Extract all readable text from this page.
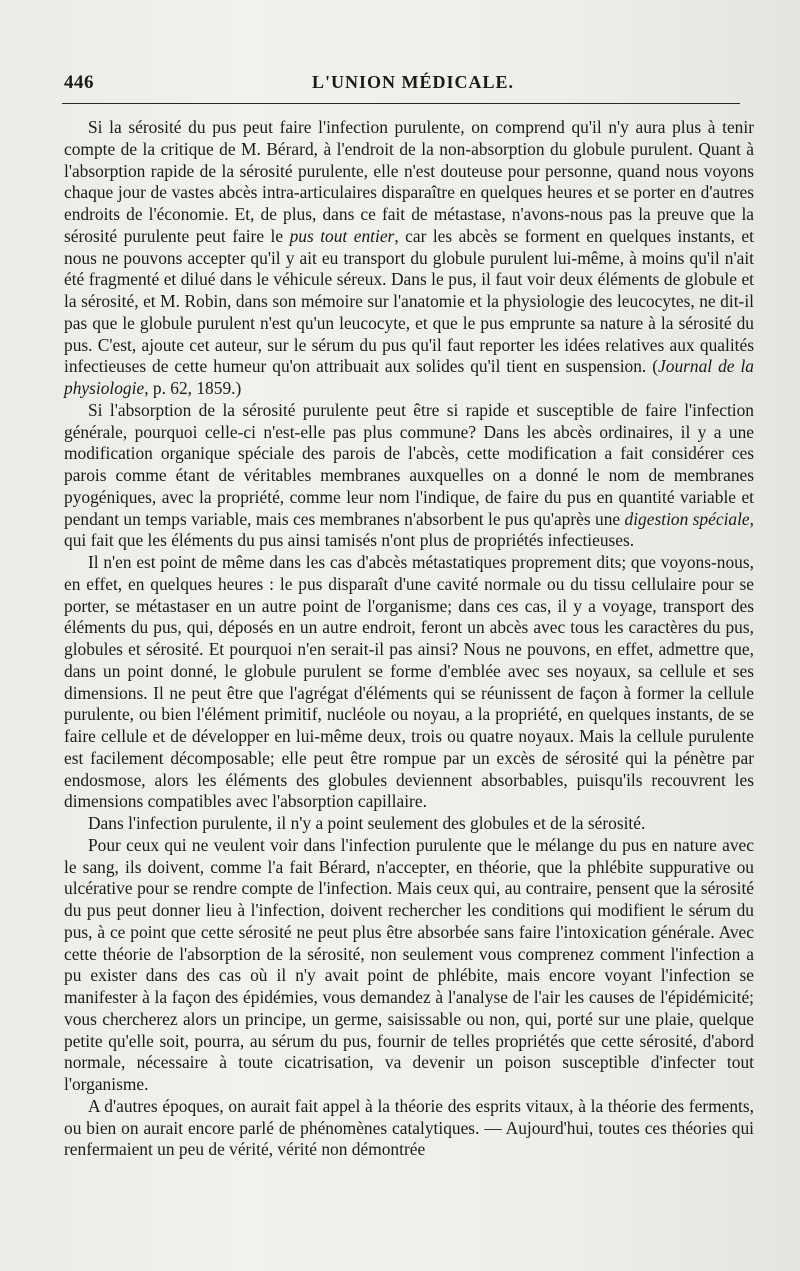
446	L'UNION MÉDICALE.

Si la sérosité du pus peut faire l'infection purulente, on comprend qu'il n'y aura plus à tenir compte de la critique de M. Bérard, à l'endroit de la non-absorption du globule purulent. Quant à l'absorption rapide de la sérosité purulente, elle n'est douteuse pour personne, quand nous voyons chaque jour de vastes abcès intra-articulaires disparaître en quelques heures et se porter en d'autres endroits de l'économie. Et, de plus, dans ce fait de métastase, n'avons-nous pas la preuve que la sérosité purulente peut faire le pus tout entier, car les abcès se forment en quelques instants, et nous ne pouvons accepter qu'il y ait eu transport du globule purulent lui-même, à moins qu'il n'ait été fragmenté et dilué dans le véhicule séreux. Dans le pus, il faut voir deux éléments de globule et la sérosité, et M. Robin, dans son mémoire sur l'anatomie et la physiologie des leucocytes, ne dit-il pas que le globule purulent n'est qu'un leucocyte, et que le pus emprunte sa nature à la sérosité du pus. C'est, ajoute cet auteur, sur le sérum du pus qu'il faut reporter les idées relatives aux qualités infectieuses de cette humeur qu'on attribuait aux solides qu'il tient en suspension. (Journal de la physiologie, p. 62, 1859.)

Si l'absorption de la sérosité purulente peut être si rapide et susceptible de faire l'infection générale, pourquoi celle-ci n'est-elle pas plus commune? Dans les abcès ordinaires, il y a une modification organique spéciale des parois de l'abcès, cette modification a fait considérer ces parois comme étant de véritables membranes auxquelles on a donné le nom de membranes pyogéniques, avec la propriété, comme leur nom l'indique, de faire du pus en quantité variable et pendant un temps variable, mais ces membranes n'absorbent le pus qu'après une digestion spéciale, qui fait que les éléments du pus ainsi tamisés n'ont plus de propriétés infectieuses.

Il n'en est point de même dans les cas d'abcès métastatiques proprement dits; que voyons-nous, en effet, en quelques heures : le pus disparaît d'une cavité normale ou du tissu cellulaire pour se porter, se métastaser en un autre point de l'organisme; dans ces cas, il y a voyage, transport des éléments du pus, qui, déposés en un autre endroit, feront un abcès avec tous les caractères du pus, globules et sérosité. Et pourquoi n'en serait-il pas ainsi? Nous ne pouvons, en effet, admettre que, dans un point donné, le globule purulent se forme d'emblée avec ses noyaux, sa cellule et ses dimensions. Il ne peut être que l'agrégat d'éléments qui se réunissent de façon à former la cellule purulente, ou bien l'élément primitif, nucléole ou noyau, a la propriété, en quelques instants, de se faire cellule et de développer en lui-même deux, trois ou quatre noyaux. Mais la cellule purulente est facilement décomposable; elle peut être rompue par un excès de sérosité qui la pénètre par endosmose, alors les éléments des globules deviennent absorbables, puisqu'ils recouvrent les dimensions compatibles avec l'absorption capillaire.

Dans l'infection purulente, il n'y a point seulement des globules et de la sérosité.

Pour ceux qui ne veulent voir dans l'infection purulente que le mélange du pus en nature avec le sang, ils doivent, comme l'a fait Bérard, n'accepter, en théorie, que la phlébite suppurative ou ulcérative pour se rendre compte de l'infection. Mais ceux qui, au contraire, pensent que la sérosité du pus peut donner lieu à l'infection, doivent rechercher les conditions qui modifient le sérum du pus, à ce point que cette sérosité ne peut plus être absorbée sans faire l'intoxication générale. Avec cette théorie de l'absorption de la sérosité, non seulement vous comprenez comment l'infection a pu exister dans des cas où il n'y avait point de phlébite, mais encore voyant l'infection se manifester à la façon des épidémies, vous demandez à l'analyse de l'air les causes de l'épidémicité; vous chercherez alors un principe, un germe, saisissable ou non, qui, porté sur une plaie, quelque petite qu'elle soit, pourra, au sérum du pus, fournir de telles propriétés que cette sérosité, d'abord normale, nécessaire à toute cicatrisation, va devenir un poison susceptible d'infecter tout l'organisme.

A d'autres époques, on aurait fait appel à la théorie des esprits vitaux, à la théorie des ferments, ou bien on aurait encore parlé de phénomènes catalytiques. — Aujourd'hui, toutes ces théories qui renfermaient un peu de vérité, vérité non démontrée
